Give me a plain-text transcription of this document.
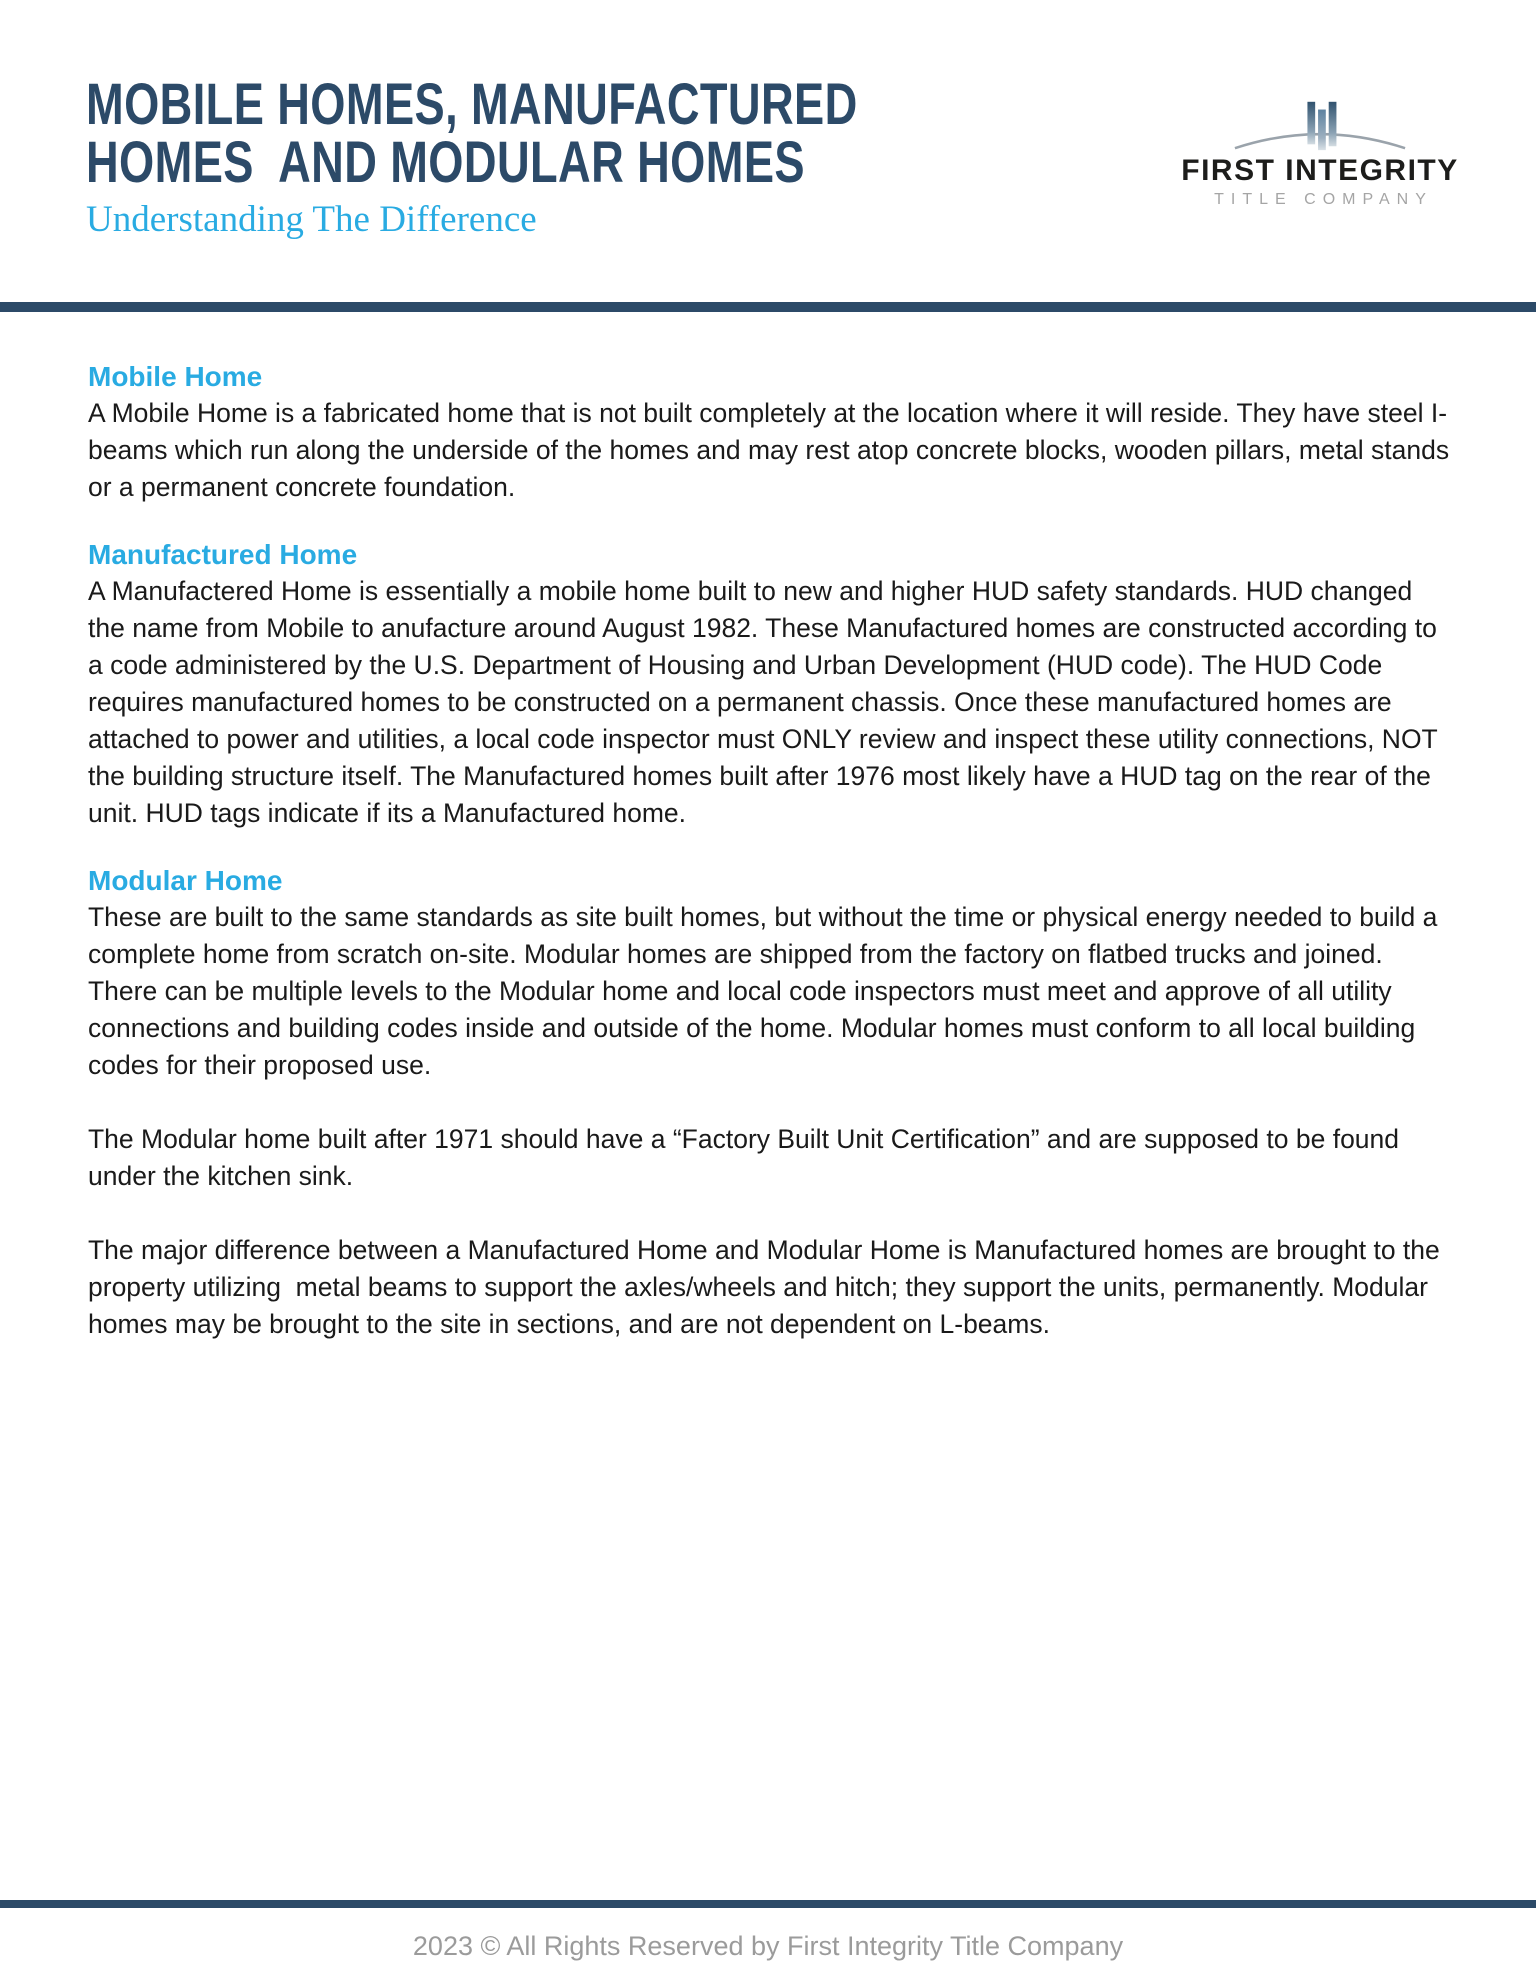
MOBILE HOMES, MANUFACTURED
HOMES  AND MODULAR HOMES
Understanding The Difference
FIRST INTEGRITY
TITLE COMPANY
Mobile Home

A Mobile Home is a fabricated home that is not built completely at the location where it will reside. They have steel I-beams which run along the underside of the homes and may rest atop concrete blocks, wooden pillars, metal stands or a permanent concrete foundation.

Manufactured Home

A Manufactered Home is essentially a mobile home built to new and higher HUD safety standards. HUD changed the name from Mobile to anufacture around August 1982. These Manufactured homes are constructed according to a code administered by the U.S. Department of Housing and Urban Development (HUD code). The HUD Code requires manufactured homes to be constructed on a permanent chassis. Once these manufactured homes are attached to power and utilities, a local code inspector must ONLY review and inspect these utility connections, NOT the building structure itself. The Manufactured homes built after 1976 most likely have a HUD tag on the rear of the unit. HUD tags indicate if its a Manufactured home.

Modular Home

These are built to the same standards as site built homes, but without the time or physical energy needed to build a complete home from scratch on-site. Modular homes are shipped from the factory on flatbed trucks and joined. There can be multiple levels to the Modular home and local code inspectors must meet and approve of all utility connections and building codes inside and outside of the home. Modular homes must conform to all local building codes for their proposed use.

The Modular home built after 1971 should have a “Factory Built Unit Certification” and are supposed to be found under the kitchen sink.

The major difference between a Manufactured Home and Modular Home is Manufactured homes are brought to the property utilizing  metal beams to support the axles/wheels and hitch; they support the units, permanently. Modular homes may be brought to the site in sections, and are not dependent on L-beams.

2023 © All Rights Reserved by First Integrity Title Company
